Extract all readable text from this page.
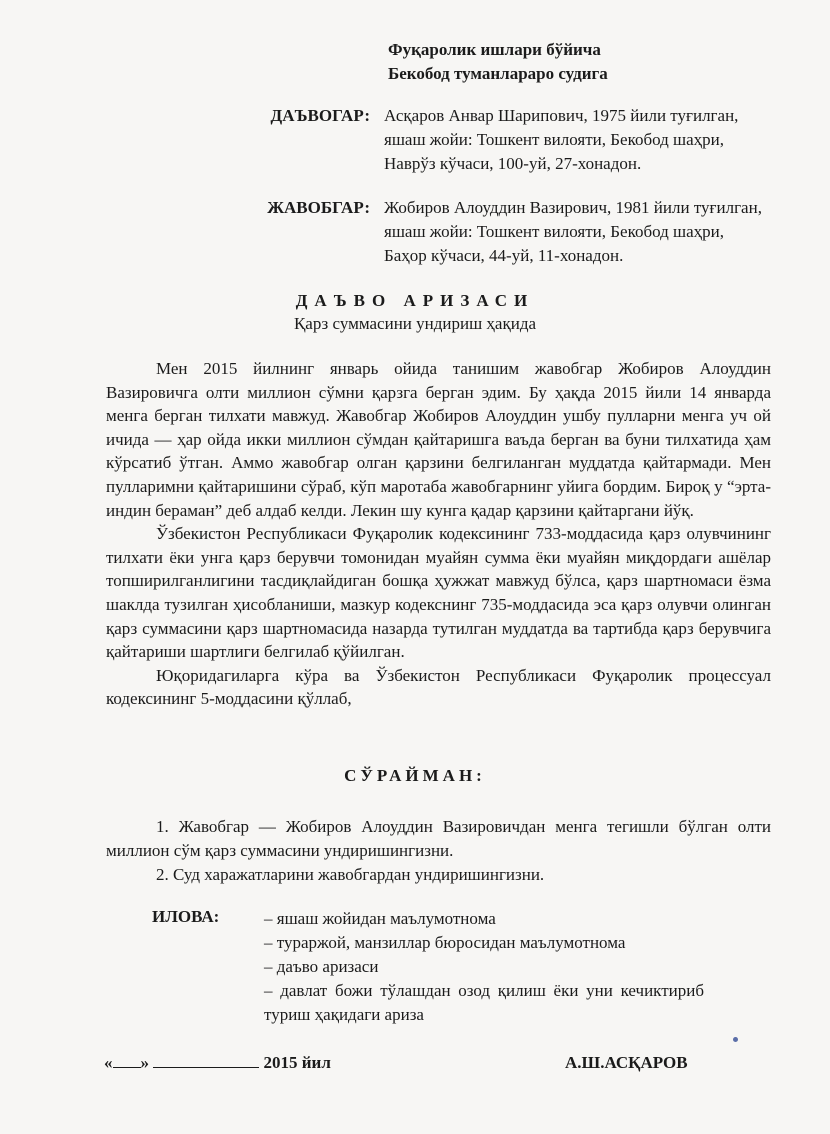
Фуқаролик ишлари бўйича
Бекобод туманлараро судига
ДАЪВОГАР: Асқаров Анвар Шарипович, 1975 йили туғилган,
яшаш жойи: Тошкент вилояти, Бекобод шаҳри,
Наврўз кўчаси, 100-уй, 27-хонадон.
ЖАВОБГАР: Жобиров Алоуддин Вазирович, 1981 йили туғилган,
яшаш жойи: Тошкент вилояти, Бекобод шаҳри,
Баҳор кўчаси, 44-уй, 11-хонадон.
ДАЪВО АРИЗАСИ
Қарз суммасини ундириш ҳақида

Мен 2015 йилнинг январь ойида танишим жавобгар Жобиров Алоуддин Вазировичга олти миллион сўмни қарзга берган эдим. Бу ҳақда 2015 йили 14 январда менга берган тилхати мавжуд. Жавобгар Жобиров Алоуддин ушбу пулларни менга уч ой ичида — ҳар ойда икки миллион сўмдан қайтаришга ваъда берган ва буни тилхатида ҳам кўрсатиб ўтган. Аммо жавобгар олган қарзини белгиланган муддатда қайтармади. Мен пулларимни қайтаришини сўраб, кўп маротаба жавобгарнинг уйига бордим. Бироқ у “эрта-индин бераман” деб алдаб келди. Лекин шу кунга қадар қарзини қайтаргани йўқ.

Ўзбекистон Республикаси Фуқаролик кодексининг 733-моддасида қарз олувчининг тилхати ёки унга қарз берувчи томонидан муайян сумма ёки муайян миқдордаги ашёлар топширилганлигини тасдиқлайдиган бошқа ҳужжат мавжуд бўлса, қарз шартномаси ёзма шаклда тузилган ҳисобланиши, мазкур кодекснинг 735-моддасида эса қарз олувчи олинган қарз суммасини қарз шартномасида назарда тутилган муддатда ва тартибда қарз берувчига қайтариши шартлиги белгилаб қўйилган.

Юқоридагиларга кўра ва Ўзбекистон Республикаси Фуқаролик процессуал кодексининг 5-моддасини қўллаб,

СЎРАЙМАН:

1. Жавобгар — Жобиров Алоуддин Вазировичдан менга тегишли бўлган олти миллион сўм қарз суммасини ундиришингизни.

2. Суд харажатларини жавобгардан ундиришингизни.

ИЛОВА:	– яшаш жойидан маълумотнома
– тураржой, манзиллар бюросидан маълумотнома
– даъво аризаси
– давлат божи тўлашдан озод қилиш ёки уни кечиктириб туриш ҳақидаги ариза
« »	2015 йил	А.Ш.АСҚАРОВ
